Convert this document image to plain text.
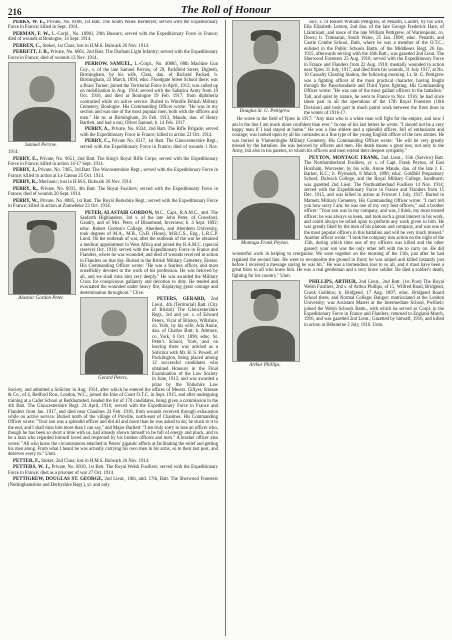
216	The Roll of Honour
PERKS, W. E., Private, No. 8188, 1st Batt. The South Wales Borderers; served with the Expeditionary Force in France; killed in Sept. 1914.
PERMAN, F. W., L.-Corpl., No. 10981, 29th Hussars; served with the Expeditionary Force in France; died of wounds at Boulogne, 14 Sept. 1914.
PERREN, C., Stoker, 1st Class; lost in H.M.S. Bulwark 26 Nov. 1914.
PERRETT, J. B., Private, No. 6661, 2nd Batt. The Durham Light Infantry; served with the Expeditionary Force in France; died of wounds 13 Nov. 1914.
Samuel Perrow.
PERROW, SAMUEL, L.-Corpl., No. 40885, 68th Machine Gun Coy., s. of the late Samuel Perrow, of 29, Parkfield Street, Digbeth, Birmingham, by his wife, Clara, dau. of Richard Packed, b. Birmingham, 23 March, 1894; educ. Floodgate Street School there; was a Brass Turner; joined the Territorial Force in April, 1912; was called up on mobilisation in Aug. 1914; served with the Sabatica Army from 19 Oct. 1916, and died at Boulogne 19 Feb. 1917, from diphtheria contracted while on active service. Buried in Wimille British Military Cemetery, Boulogne. His Commanding Officer wrote: "He was in my section and was one of the most popular men, both with the officers and men." He m. at Birmingham, 26 Feb. 1913, Maude, dau. of Henry Bartlett, and had a son, Oliver Samuel, b. 14 Feb. 1917.
PERRY, A., Private, No. 8334, 2nd Batt. The Rifle Brigade; served with the Expeditionary Force in France; killed in action 22 Oct. 1914.
PERRY, C., Private No. 6317, 1st Batt. The Gloucestershire Regt.; served with the Expeditionary Force in France; died of wounds 1 Nov. 1914.
PERRY, E., Private, No. 9651, 2nd Batt. The King's Royal Rifle Corps; served with the Expeditionary Force in France; killed in action 14-17 Sept. 1914.
PERRY, J., Private, No. 7465, 3rd Batt. The Worcestershire Regt.; served with the Expeditionary Force in France; killed in action at Le Cateau 25 Oct. 1914.
PERRY, R., Mechanic; lost in H.M.S. Bulwark 26 Nov. 1914.
PERRY, R., Private, No. 8933, 4th Batt. The Royal Fusiliers; served with the Expeditionary Force in France; died of wounds 20 Sept. 1914.
PERRY, W., Private, No. 8085, 1st Batt. The Royal Berkshire Regt.; served with the Expeditionary Force in France; killed in action at Zonnebeke 23 Oct. 1914.
Alastair Gordon Peter.
PETER, ALASTAIR GORDON, M.C., Capt., R.A.M.C., attd. The Seaforth Highlanders, 3rd s. of the late John Peter, of Crossford, Gaudry, and of Mrs. Peter, of Blaunhead, Inverness; b. 4 Sept. 1892; educ. Robert Gordon's College, Aberdeen, and Aberdeen University, took degrees of M.A., M.B., Ch.B. (Hons), M.R.C.S., Eng., L.R.C.P. Lond. On the outbreak of war, after the outbreak of the war he obtained a medical appointment in West Africa and joined the R.A.M.C. (special reserve) Oct. 1916; served with the Expeditionary Force in France and Flanders, where he was wounded; and died of wounds received in action in Flanders on that day. Buried in the British Military Cemetery, Étretat. His Commanding Officer wrote: "He was a fearless officer, and most unselfishly devoted to the work of his profession. He was beloved by all, and we shall miss him very deeply." He was awarded the Military Cross for conspicuous gallantry and devotion to duty. He tended and evacuated the wounded under heavy fire, displaying great courage and determination throughout." Clive.
Gerard Peters.
PETERS, GERARD, 2nd Lieut., 4th (Territorial) Batt. (City of Bristol) The Gloucestershire Regt., 3rd and yst. s. of Edward Peters, Vicar of Bilston, Wiltshire, co. York, by his wife, Ada Annie, dau. of Charles Butt; b. Altmore, co. York, 6 Oct. 1896; educ. St. Peter's School, York, and on leaving there was articled as a Solicitor with Mr. H. S. Powell, of Pocklington, being placed among 12 successful candidates who obtained Honours in the Final Examination of the Law Society in June, 1913, and was awarded a prize by the Yorkshire Law Society, and admitted a Solicitor in Aug. 1914, after which he entered the offices of Messrs. Gillyer, Streane & Co., of 4, Bedford Row, London, W.C.; joined the Inns of Court O.T.C. in Sept. 1915, and after undergoing training at a Cadet School at Berkhamsted, headed the list of 170 candidates, being given a commission in the 4th Batt. The Gloucestershire Regt. 24 April, 1916; served with the Expeditionary Force in France and Flanders from Jan. 1917, and died near Chaulnes 24 Feb. 1918, from wounds received through exhaustion while on active service. Buried north of the village of Proville, north-east of Chaulnes. His Commanding Officer wrote: "Your son was a splendid officer and did all and more than he was asked to do; he stuck to it to the end, and I shall miss him more than I can say," and Major Bartlett: "I am truly sorry to lose an officer who, though he has been so short a time with us, had already shown himself to be full of energy and pluck, and to be a man who regarded himself loved and respected by his brother officers and men." A brother officer also wrote: "All who knew the circumstances attached to Peters' gigantic efforts at facilitating the relief and getting his men along. From what I heard he was actually carrying his own men in his arms, so to their last post, and deserves every m." Unm.
PETTER, F., Stoker, 2nd Class; lost in H.M.S. Bulwark 26 Nov. 1914.
PETTERS, W. J., Private, No. 8010, 1st Batt. The Royal Welsh Fusiliers; served with the Expeditionary Force in France; died as a prisoner of war 27 Oct. 1914.
PETTIGREW, DOUGLAS ST. GEORGE, 2nd Lieut., 10th, attd. 17th, Batt. The Sherwood Foresters (Nottinghamshire and Derbyshire Regt.), yr. and only
Douglas St. G. Pettigrew.
surv. s. of Robert William Pettigrew, of Penarth, Cardiff, by his wife, Ella Elizabeth Lemon, 2nd dau. of the late George Frederick Hare, of Llantrisant, and niece of the late William Pettigrew, of Warrenpoint, co. Down; b. Trimsaran, South Wales, 25 Jan. 1898; educ. Penarth, and Castle Combe School, Bath, where he was a member of the O.T.C.; enlisted in the Public Schools Battn. of the Middlesex Regt. 26 Jan. 1915, afterwards serving with the 16th Batt.; was gazetted 2nd Lieut. The Sherwood Foresters 25 Aug. 1916; served with the Expeditionary Force in France and Flanders from 22 Aug. 1916; mentally wounded in action near Ypres 31 July, 1917, and died from his wounds, 31 July 1917, at No. 10 Casualty Clearing Station, the following morning. Lt. St. G. Pettigrew was a fighting officer of the most practical character, having fought through the Passchendaele and Third Ypres fighting. His Commanding Officer wrote: "He was one of the most gallant officers in the battalion." Tall, and quiet by nature, he went to France to Nov. 1916; he had since taken part in all the operations of the 17th Royal Foresters (16th Division) and took part in much patrol work between the front lines in the winter of 1916-17.
He wrote in the field of Ypres in 1917: "Any man who is a white man will fight for the empire, and now I am in the line I am much more confident than ever." In one of his last letters he wrote: "I should not be a very happy man if I had stayed at home." He was a fine athlete and a splendid officer, full of enthusiasm and courage; was looked upon by all his comrades as a fine type of the young English officer of the new armies. He was buried in Vlamertinghe Military Cemetery. His Commanding Officer wrote: "He will be very greatly missed by the battalion. He was beloved by officers and men. His death means a great loss, not only to the Army, but also to his parents, to whom his officers and men extend their deepest sympathy."
Montagu Frank Peyton.
PEYTON, MONTAGU FRANK, 2nd Lieut., 15th (Service) Batt. The Northumberland Fusiliers, yr. s. of Capt. Frank Peyton, of East Horsham, Worcester, by his wife, Annie Maude, dau. of the late J. E. Barker, K.C.; b. Plymouth, 8 March, 1896; educ. Goldhill Preparatory School; Dulwich College, and the Royal Military College, Sandhurst; was gazetted 2nd Lieut. The Northumberland Fusiliers 14 Nov. 1914; served with the Expeditionary Force in France and Flanders from 15 Dec. 1915, and was killed in action at Fricourt 1 July, 1917. Buried in Mametz Military Cemetery. His Commanding Officer wrote: "I can't tell you how sorry I am; he was one of my very best officers," and a brother officer: "Your son was in my company, and was, I think, my most trusted officer; he was always so keen, and took such a great interest in his work, and could always be relied upon to perform any work given to him. He was greatly liked by the men of his platoon and company, and was one of the most popular officers in this battalion and will be very much missed." Another officer wrote: "I took the company into action on the night of the 15th, during which time one of my officers was killed and the other gassed; your son was the only other left with me to carry on. He did wonderful work in helping to reorganise. We were together on the morning of the 11th, just after he had regained the second line. He went to reconnoitre the ground in front; he was sniped and killed instantly just before I received a message saying he was hit." He was a tremendous loss to us all, and it must have been a great blow to all who knew him. He was a real gentleman and a very brave soldier. He died a soldier's death, fighting for his country." Unm.
Arthur Phillips.
PHILLIPS, ARTHUR, 2nd Lieut., 2nd Batt. (1st Post) The Royal Welsh Fusiliers, 2nd s. of Arthur Phillips, of 15, Wilfred Road, Bridgend, Crook Gubbins; b. Bridgend, 17 Aug. 1897; educ. Bridgend Board School there, and Normal College; Bangor; matriculated at the London University; was Assistant Master at the Intermediate School, Pwllheli; joined the Welsh Schools Battn., with which he served as Corpl. in the Expeditionary Force in France and Flanders; returned to England March, 1916, and was gazetted 2nd Lieut.; Gazetted by himself, 1916, and killed in action at Hébuterne 2 July, 1916. Unm.
